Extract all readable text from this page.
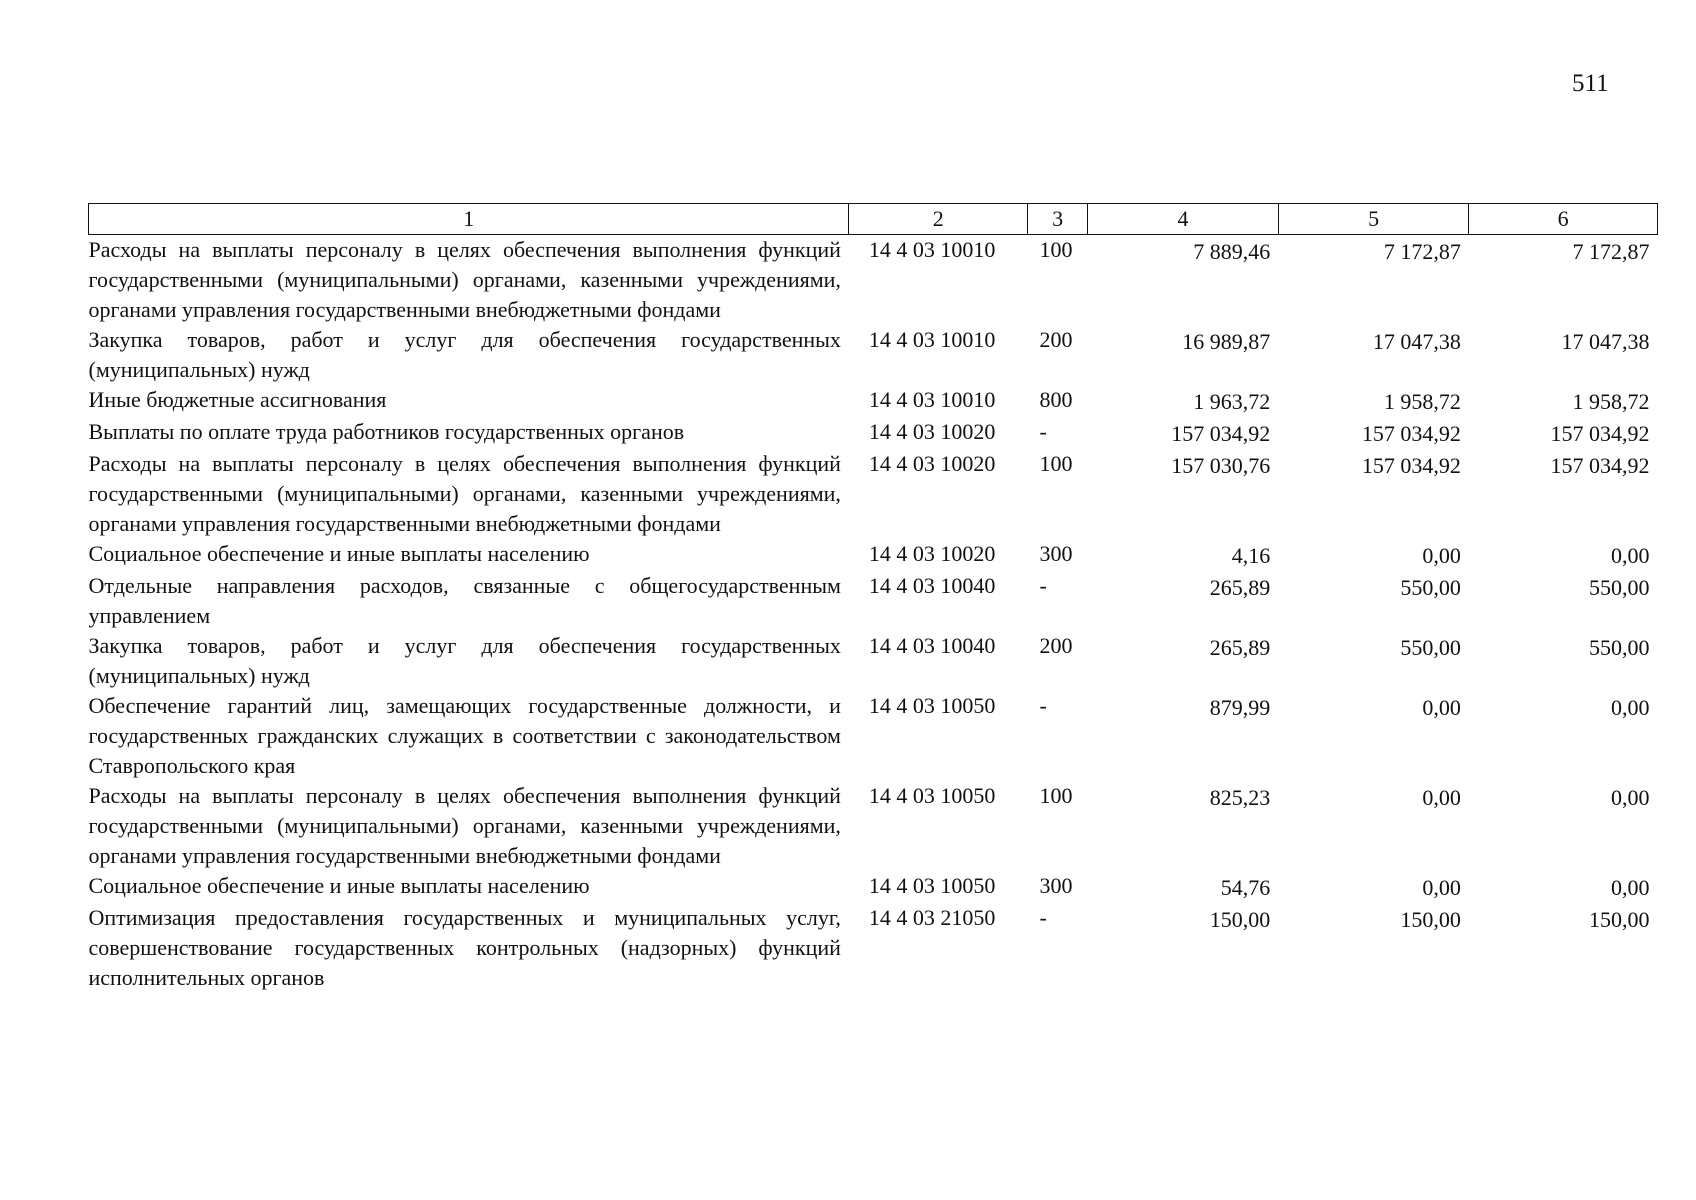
511
1	2	3	4	5	6
Расходы на выплаты персоналу в целях обеспечения выполнения функций государственными (муниципальными) органами, казенными учреждениями, органами управления государственными внебюджетными фондами	14 4 03 10010	100	7 889,46	7 172,87	7 172,87
Закупка товаров, работ и услуг для обеспечения государственных (муниципальных) нужд	14 4 03 10010	200	16 989,87	17 047,38	17 047,38
Иные бюджетные ассигнования	14 4 03 10010	800	1 963,72	1 958,72	1 958,72
Выплаты по оплате труда работников государственных органов	14 4 03 10020	-	157 034,92	157 034,92	157 034,92
Расходы на выплаты персоналу в целях обеспечения выполнения функций государственными (муниципальными) органами, казенными учреждениями, органами управления государственными внебюджетными фондами	14 4 03 10020	100	157 030,76	157 034,92	157 034,92
Социальное обеспечение и иные выплаты населению	14 4 03 10020	300	4,16	0,00	0,00
Отдельные направления расходов, связанные с общегосударственным управлением	14 4 03 10040	-	265,89	550,00	550,00
Закупка товаров, работ и услуг для обеспечения государственных (муниципальных) нужд	14 4 03 10040	200	265,89	550,00	550,00
Обеспечение гарантий лиц, замещающих государственные должности, и государственных гражданских служащих в соответствии с законодательством Ставропольского края	14 4 03 10050	-	879,99	0,00	0,00
Расходы на выплаты персоналу в целях обеспечения выполнения функций государственными (муниципальными) органами, казенными учреждениями, органами управления государственными внебюджетными фондами	14 4 03 10050	100	825,23	0,00	0,00
Социальное обеспечение и иные выплаты населению	14 4 03 10050	300	54,76	0,00	0,00
Оптимизация предоставления государственных и муниципальных услуг, совершенствование государственных контрольных (надзорных) функций исполнительных органов	14 4 03 21050	-	150,00	150,00	150,00
